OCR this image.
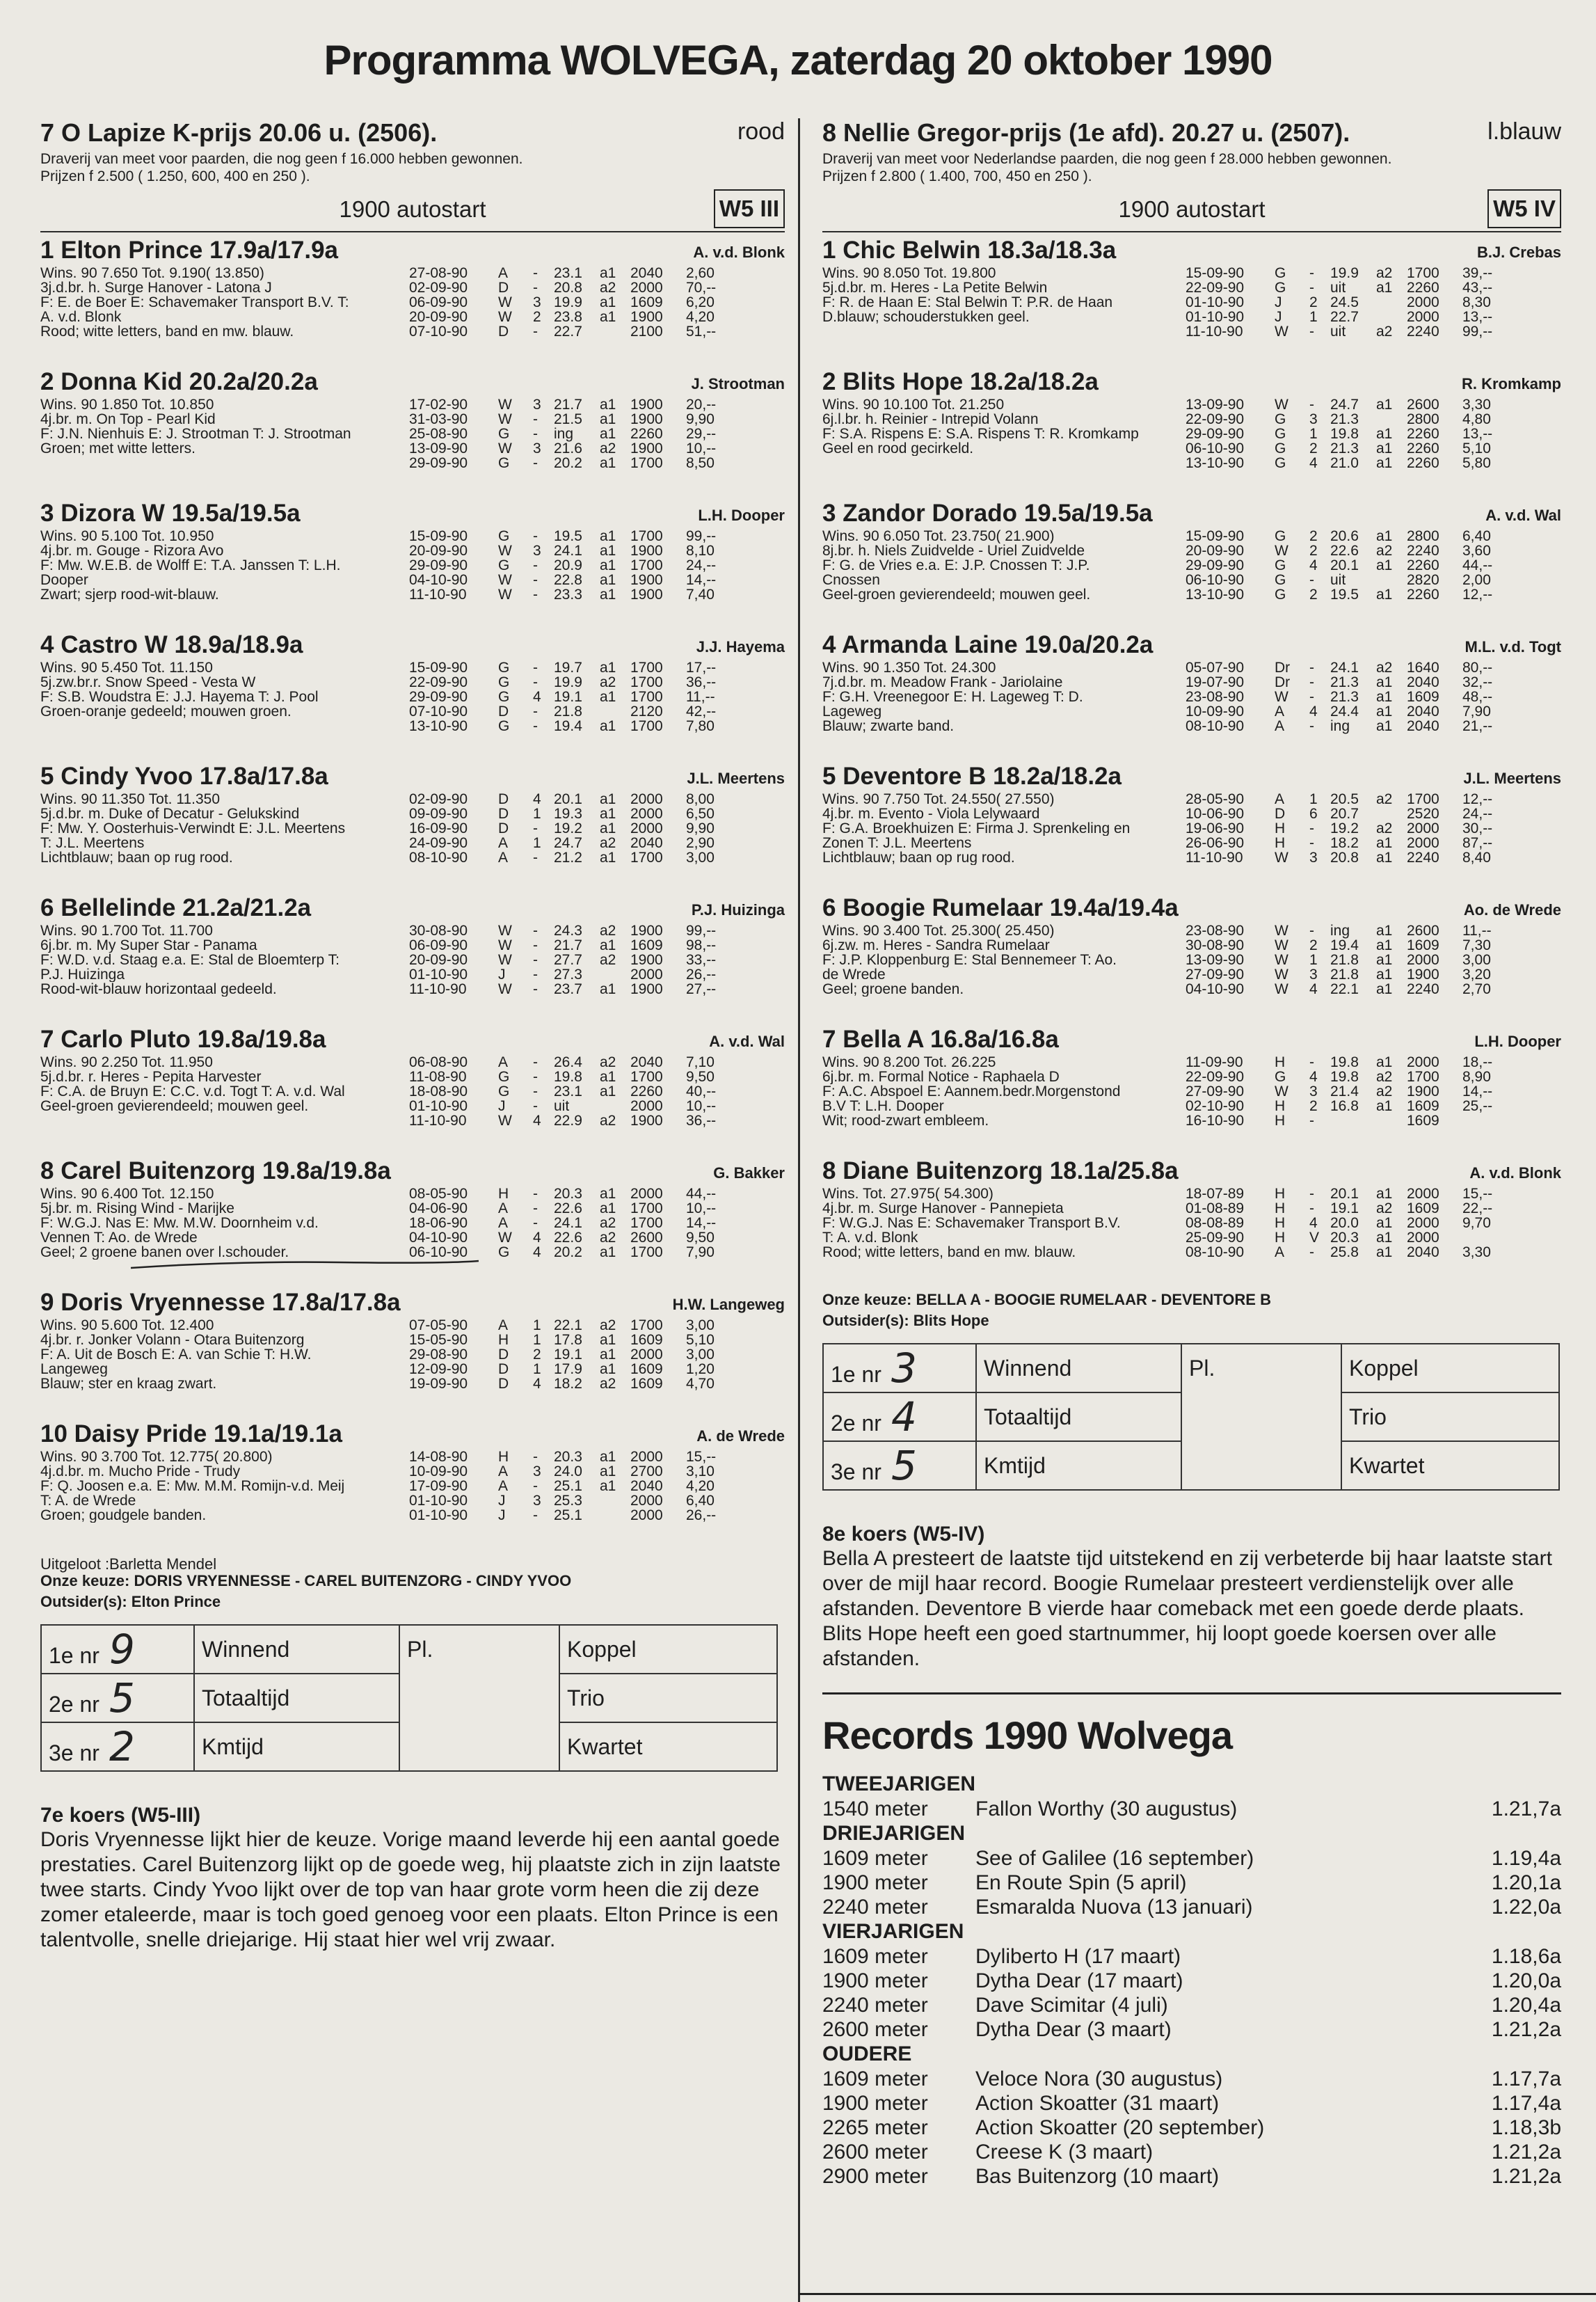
Programma WOLVEGA, zaterdag 20 oktober 1990
7 O Lapize K-prijs 20.06 u. (2506).	rood
Draverij van meet voor paarden, die nog geen f 16.000 hebben gewonnen.
Prijzen f 2.500 ( 1.250, 600, 400 en 250 ).
1900 autostart	W5 III
1 Elton Prince 17.9a/17.9a	A. v.d. Blonk
Wins. 90 7.650 Tot. 9.190( 13.850)
3j.d.br. h. Surge Hanover - Latona J
F: E. de Boer E: Schavemaker Transport B.V. T:
A. v.d. Blonk
Rood; witte letters, band en mw. blauw.
27-08-90	A	-	23.1	a1 2040	2,60
02-09-90	D	-	20.8	a2 2000	70,--
06-09-90	W	3 19.9	a1 1609	6,20
20-09-90	W	2 23.8	a1 1900	4,20
07-10-90	D	-	22.7	2100	51,--
2 Donna Kid 20.2a/20.2a	J. Strootman
Wins. 90 1.850 Tot. 10.850
4j.br. m. On Top - Pearl Kid
F: J.N. Nienhuis E: J. Strootman T: J. Strootman
Groen; met witte letters.
17-02-90	W	3 21.7	a1 1900	20,--
31-03-90	W	-	21.5	a1 1900	9,90
25-08-90	G	-	ing	a1 2260	29,--
13-09-90	W	3 21.6	a2 1900	10,--
29-09-90	G	-	20.2	a1 1700	8,50
3 Dizora W 19.5a/19.5a	L.H. Dooper
Wins. 90 5.100 Tot. 10.950
4j.br. m. Gouge - Rizora Avo
F: Mw. W.E.B. de Wolff E: T.A. Janssen T: L.H.
Dooper
Zwart; sjerp rood-wit-blauw.
15-09-90	G	-	19.5	a1 1700	99,--
20-09-90	W	3 24.1	a1 1900	8,10
29-09-90	G	-	20.9	a1 1700	24,--
04-10-90	W	-	22.8	a1 1900	14,--
11-10-90	W	-	23.3	a1 1900	7,40
4 Castro W 18.9a/18.9a	J.J. Hayema
Wins. 90 5.450 Tot. 11.150
5j.zw.br.r. Snow Speed - Vesta W
F: S.B. Woudstra E: J.J. Hayema T: J. Pool
Groen-oranje gedeeld; mouwen groen.
15-09-90	G	-	19.7	a1 1700	17,--
22-09-90	G	-	19.9	a2 1700	36,--
29-09-90	G	4 19.1	a1 1700	11,--
07-10-90	D	-	21.8	2120	42,--
13-10-90	G	-	19.4	a1 1700	7,80
5 Cindy Yvoo 17.8a/17.8a	J.L. Meertens
Wins. 90 11.350 Tot. 11.350
5j.d.br. m. Duke of Decatur - Gelukskind
F: Mw. Y. Oosterhuis-Verwindt E: J.L. Meertens
T: J.L. Meertens
Lichtblauw; baan op rug rood.
02-09-90	D	4 20.1	a1 2000	8,00
09-09-90	D	1 19.3	a1 2000	6,50
16-09-90	D	-	19.2	a1 2000	9,90
24-09-90	A	1 24.7	a2 2040	2,90
08-10-90	A	-	21.2	a1 1700	3,00
6 Bellelinde 21.2a/21.2a	P.J. Huizinga
Wins. 90 1.700 Tot. 11.700
6j.br. m. My Super Star - Panama
F: W.D. v.d. Staag e.a. E: Stal de Bloemterp T:
P.J. Huizinga
Rood-wit-blauw horizontaal gedeeld.
30-08-90	W	-	24.3	a2 1900	99,--
06-09-90	W	-	21.7	a1 1609	98,--
20-09-90	W	-	27.7	a2 1900	33,--
01-10-90	J	-	27.3	2000	26,--
11-10-90	W	-	23.7	a1 1900	27,--
7 Carlo Pluto 19.8a/19.8a	A. v.d. Wal
Wins. 90 2.250 Tot. 11.950
5j.d.br. r. Heres - Pepita Harvester
F: C.A. de Bruyn E: C.C. v.d. Togt T: A. v.d. Wal
Geel-groen gevierendeeld; mouwen geel.
06-08-90	A	-	26.4	a2 2040	7,10
11-08-90	G	-	19.8	a1 1700	9,50
18-08-90	G	-	23.1	a1 2260	40,--
01-10-90	J	-	uit	2000	10,--
11-10-90	W	4 22.9	a2 1900	36,--
8 Carel Buitenzorg 19.8a/19.8a	G. Bakker
Wins. 90 6.400 Tot. 12.150
5j.br. m. Rising Wind - Marijke
F: W.G.J. Nas E: Mw. M.W. Doornheim v.d.
Vennen T: Ao. de Wrede
Geel; 2 groene banen over l.schouder.
08-05-90	H	-	20.3	a1 2000	44,--
04-06-90	A	-	22.6	a1 1700	10,--
18-06-90	A	-	24.1	a2 1700	14,--
04-10-90	W	4 22.6	a2 2600	9,50
06-10-90	G	4 20.2	a1 1700	7,90
9 Doris Vryennesse 17.8a/17.8a	H.W. Langeweg
Wins. 90 5.600 Tot. 12.400
4j.br. r. Jonker Volann - Otara Buitenzorg
F: A. Uit de Bosch E: A. van Schie T: H.W.
Langeweg
Blauw; ster en kraag zwart.
07-05-90	A	1 22.1	a2 1700	3,00
15-05-90	H	1 17.8	a1 1609	5,10
29-08-90	D	2 19.1	a1 2000	3,00
12-09-90	D	1 17.9	a1 1609	1,20
19-09-90	D	4 18.2	a2 1609	4,70
10 Daisy Pride 19.1a/19.1a	A. de Wrede
Wins. 90 3.700 Tot. 12.775( 20.800)
4j.d.br. m. Mucho Pride - Trudy
F: Q. Joosen e.a. E: Mw. M.M. Romijn-v.d. Meij
T: A. de Wrede
Groen; goudgele banden.
14-08-90	H	-	20.3	a1 2000	15,--
10-09-90	A	3 24.0	a1 2700	3,10
17-09-90	A	-	25.1	a1 2040	4,20
01-10-90	J	3 25.3	2000	6,40
01-10-90	J	-	25.1	2000	26,--
Uitgeloot :Barletta Mendel
Onze keuze: DORIS VRYENNESSE - CAREL BUITENZORG - CINDY YVOO
Outsider(s): Elton Prince
1e nr 9	Winnend	Pl.	Koppel
2e nr 5	Totaaltijd		Trio
3e nr 2	Kmtijd		Kwartet
7e koers (W5-III)
Doris Vryennesse lijkt hier de keuze. Vorige maand leverde hij een aantal goede prestaties. Carel Buitenzorg lijkt op de goede weg, hij plaatste zich in zijn laatste twee starts. Cindy Yvoo lijkt over de top van haar grote vorm heen die zij deze zomer etaleerde, maar is toch goed genoeg voor een plaats. Elton Prince is een talentvolle, snelle driejarige. Hij staat hier wel vrij zwaar.
8 Nellie Gregor-prijs (1e afd). 20.27 u. (2507).	l.blauw
Draverij van meet voor Nederlandse paarden, die nog geen f 28.000 hebben gewonnen.
Prijzen f 2.800 ( 1.400, 700, 450 en 250 ).
1900 autostart	W5 IV
1 Chic Belwin 18.3a/18.3a	B.J. Crebas
Wins. 90 8.050 Tot. 19.800
5j.d.br. m. Heres - La Petite Belwin
F: R. de Haan E: Stal Belwin T: P.R. de Haan
D.blauw; schouderstukken geel.
15-09-90	G	-	19.9	a2 1700	39,--
22-09-90	G	-	uit	a1 2260	43,--
01-10-90	J	2 24.5	2000	8,30
01-10-90	J	1 22.7	2000	13,--
11-10-90	W	-	uit	a2 2240	99,--
2 Blits Hope 18.2a/18.2a	R. Kromkamp
Wins. 90 10.100 Tot. 21.250
6j.l.br. h. Reinier - Intrepid Volann
F: S.A. Rispens E: S.A. Rispens T: R. Kromkamp
Geel en rood gecirkeld.
13-09-90	W	-	24.7	a1 2600	3,30
22-09-90	G	3 21.3	2800	4,80
29-09-90	G	1 19.8	a1 2260	13,--
06-10-90	G	2 21.3	a1 2260	5,10
13-10-90	G	4 21.0	a1 2260	5,80
3 Zandor Dorado 19.5a/19.5a	A. v.d. Wal
Wins. 90 6.050 Tot. 23.750( 21.900)
8j.br. h. Niels Zuidvelde - Uriel Zuidvelde
F: G. de Vries e.a. E: J.P. Cnossen T: J.P.
Cnossen
Geel-groen gevierendeeld; mouwen geel.
15-09-90	G	2 20.6	a1 2800	6,40
20-09-90	W	2 22.6	a2 2240	3,60
29-09-90	G	4 20.1	a1 2260	44,--
06-10-90	G	-	uit	2820	2,00
13-10-90	G	2 19.5	a1 2260	12,--
4 Armanda Laine 19.0a/20.2a	M.L. v.d. Togt
Wins. 90 1.350 Tot. 24.300
7j.d.br. m. Meadow Frank - Jariolaine
F: G.H. Vreenegoor E: H. Lageweg T: D.
Lageweg
Blauw; zwarte band.
05-07-90	Dr	-	24.1	a2 1640	80,--
19-07-90	Dr	-	21.3	a1 2040	32,--
23-08-90	W	-	21.3	a1 1609	48,--
10-09-90	A	4 24.4	a1 2040	7,90
08-10-90	A	-	ing	a1 2040	21,--
5 Deventore B 18.2a/18.2a	J.L. Meertens
Wins. 90 7.750 Tot. 24.550( 27.550)
4j.br. m. Evento - Viola Lelywaard
F: G.A. Broekhuizen E: Firma J. Sprenkeling en
Zonen T: J.L. Meertens
Lichtblauw; baan op rug rood.
28-05-90	A	1 20.5	a2 1700	12,--
10-06-90	D	6 20.7	2520	24,--
19-06-90	H	-	19.2	a2 2000	30,--
26-06-90	H	-	18.2	a1 2000	87,--
11-10-90	W	3 20.8	a1 2240	8,40
6 Boogie Rumelaar 19.4a/19.4a	Ao. de Wrede
Wins. 90 3.400 Tot. 25.300( 25.450)
6j.zw. m. Heres - Sandra Rumelaar
F: J.P. Kloppenburg E: Stal Bennemeer T: Ao.
de Wrede
Geel; groene banden.
23-08-90	W	-	ing	a1 2600	11,--
30-08-90	W	2 19.4	a1 1609	7,30
13-09-90	W	1 21.8	a1 2000	3,00
27-09-90	W	3 21.8	a1 1900	3,20
04-10-90	W	4 22.1	a1 2240	2,70
7 Bella A 16.8a/16.8a	L.H. Dooper
Wins. 90 8.200 Tot. 26.225
6j.br. m. Formal Notice - Raphaela D
F: A.C. Abspoel E: Aannem.bedr.Morgenstond
B.V T: L.H. Dooper
Wit; rood-zwart embleem.
11-09-90	H	-	19.8	a1 2000	18,--
22-09-90	G	4 19.8	a2 1700	8,90
27-09-90	W	3 21.4	a2 1900	14,--
02-10-90	H	2 16.8	a1 1609	25,--
16-10-90	H	-	1609
8 Diane Buitenzorg 18.1a/25.8a	A. v.d. Blonk
Wins. Tot. 27.975( 54.300)
4j.br. m. Surge Hanover - Pannepieta
F: W.G.J. Nas E: Schavemaker Transport B.V.
T: A. v.d. Blonk
Rood; witte letters, band en mw. blauw.
18-07-89	H	-	20.1	a1 2000	15,--
01-08-89	H	-	19.1	a2 1609	22,--
08-08-89	H	4 20.0	a1 2000	9,70
25-09-90	H	V 20.3	a1 2000
08-10-90	A	-	25.8	a1 2040	3,30
Onze keuze: BELLA A - BOOGIE RUMELAAR - DEVENTORE B
Outsider(s): Blits Hope
1e nr 3	Winnend	Pl.	Koppel
2e nr 4	Totaaltijd		Trio
3e nr 5	Kmtijd		Kwartet
8e koers (W5-IV)
Bella A presteert de laatste tijd uitstekend en zij verbeterde bij haar laatste start over de mijl haar record. Boogie Rumelaar presteert verdienstelijk over alle afstanden. Deventore B vierde haar comeback met een goede derde plaats. Blits Hope heeft een goed startnummer, hij loopt goede koersen over alle afstanden.
Records 1990 Wolvega
TWEEJARIGEN
1540 meter	Fallon Worthy (30 augustus)	1.21,7a
DRIEJARIGEN
1609 meter	See of Galilee (16 september)	1.19,4a
1900 meter	En Route Spin (5 april)	1.20,1a
2240 meter	Esmaralda Nuova (13 januari)	1.22,0a
VIERJARIGEN
1609 meter	Dyliberto H (17 maart)	1.18,6a
1900 meter	Dytha Dear (17 maart)	1.20,0a
2240 meter	Dave Scimitar (4 juli)	1.20,4a
2600 meter	Dytha Dear (3 maart)	1.21,2a
OUDERE
1609 meter	Veloce Nora (30 augustus)	1.17,7a
1900 meter	Action Skoatter (31 maart)	1.17,4a
2265 meter	Action Skoatter (20 september)	1.18,3b
2600 meter	Creese K (3 maart)	1.21,2a
2900 meter	Bas Buitenzorg (10 maart)	1.21,2a
